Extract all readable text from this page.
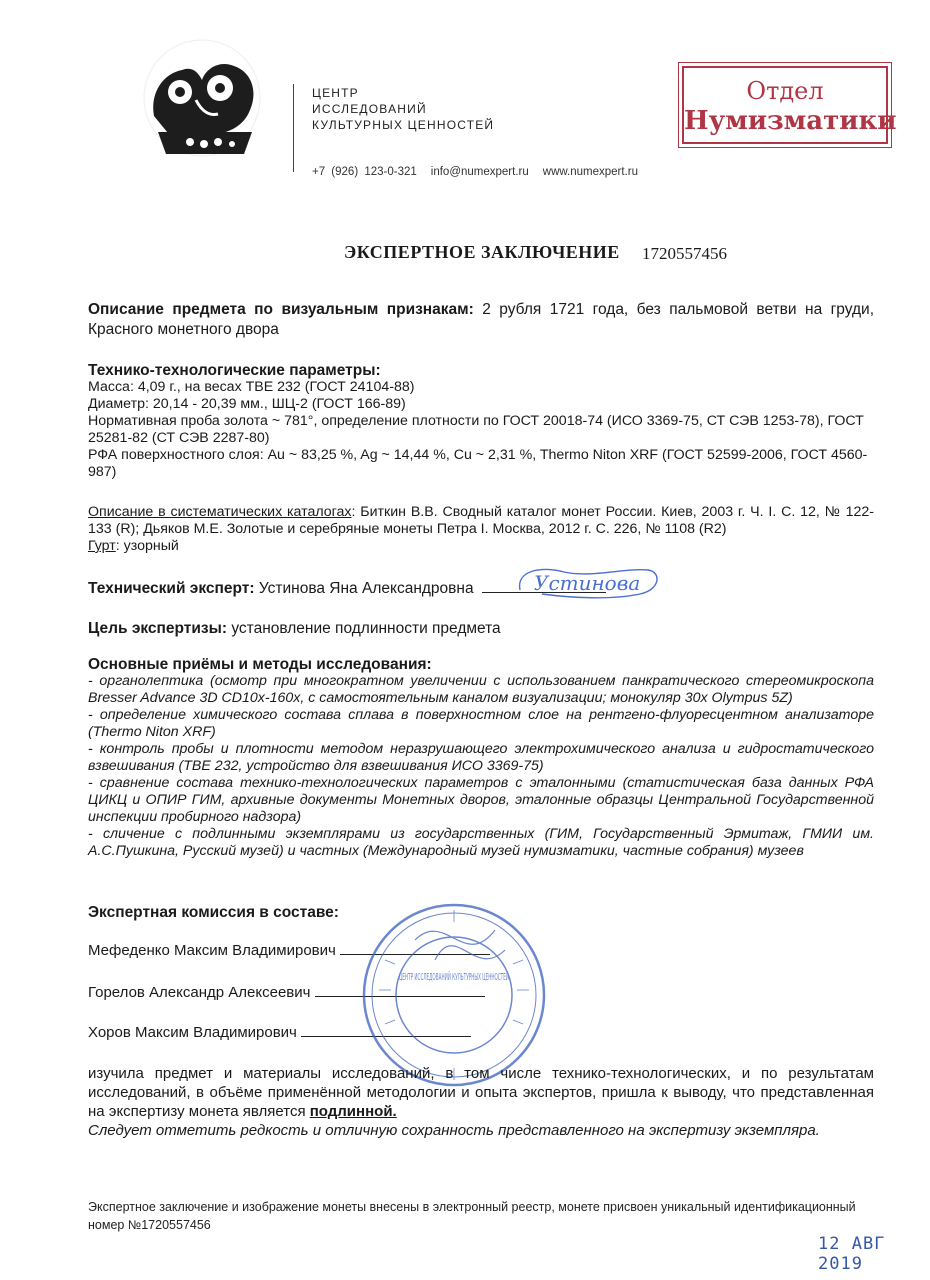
ЦЕНТР
ИССЛЕДОВАНИЙ
КУЛЬТУРНЫХ ЦЕННОСТЕЙ
+7 (926) 123-0-321 info@numexpert.ru www.numexpert.ru
Отдел
Нумизматики
ЭКСПЕРТНОЕ ЗАКЛЮЧЕНИЕ 1720557456
Описание предмета по визуальным признакам: 2 рубля 1721 года, без пальмовой ветви на груди, Красного монетного двора
Технико-технологические параметры:
Масса: 4,09 г., на весах ТВЕ 232 (ГОСТ 24104-88)
Диаметр: 20,14 - 20,39 мм., ШЦ-2 (ГОСТ 166-89)
Нормативная проба золота ~ 781°, определение плотности по ГОСТ 20018-74 (ИСО 3369-75, СТ СЭВ 1253-78), ГОСТ 25281-82 (СТ СЭВ 2287-80)
РФА поверхностного слоя: Au ~ 83,25 %, Ag ~ 14,44 %, Cu ~ 2,31 %, Thermo Niton XRF (ГОСТ 52599-2006, ГОСТ 4560-987)
Описание в систематических каталогах: Биткин В.В. Сводный каталог монет России. Киев, 2003 г. Ч. I. С. 12, № 122-133 (R); Дьяков М.Е. Золотые и серебряные монеты Петра I. Москва, 2012 г. С. 226, № 1108 (R2)
Гурт: узорный
Технический эксперт: Устинова Яна Александровна	Устинова
Цель экспертизы: установление подлинности предмета
Основные приёмы и методы исследования:
- органолептика (осмотр при многократном увеличении с использованием панкратического стереомикроскопа Bresser Advance 3D CD10x-160x, с самостоятельным каналом визуализации; монокуляр 30x Olympus 5Z)
- определение химического состава сплава в поверхностном слое на рентгено-флуоресцентном анализаторе (Thermo Niton XRF)
- контроль пробы и плотности методом неразрушающего электрохимического анализа и гидростатического взвешивания (ТВЕ 232, устройство для взвешивания ИСО 3369-75)
- сравнение состава технико-технологических параметров с эталонными (статистическая база данных РФА ЦИКЦ и ОПИР ГИМ, архивные документы Монетных дворов, эталонные образцы Центральной Государственной инспекции пробирного надзора)
- сличение с подлинными экземплярами из государственных (ГИМ, Государственный Эрмитаж, ГМИИ им. А.С.Пушкина, Русский музей) и частных (Международный музей нумизматики, частные собрания) музеев
Экспертная комиссия в составе:
Мефеденко Максим Владимирович
Горелов Александр Алексеевич
Хоров Максим Владимирович
ЦЕНТР ИССЛЕДОВАНИЙ КУЛЬТУРНЫХ ЦЕННОСТЕЙ
изучила предмет и материалы исследований, в том числе технико-технологических, и по результатам исследований, в объёме применённой методологии и опыта экспертов, пришла к выводу, что представленная на экспертизу монета является подлинной.
Следует отметить редкость и отличную сохранность представленного на экспертизу экземпляра.
Экспертное заключение и изображение монеты внесены в электронный реестр, монете присвоен уникальный идентификационный номер №1720557456
12 АВГ 2019
